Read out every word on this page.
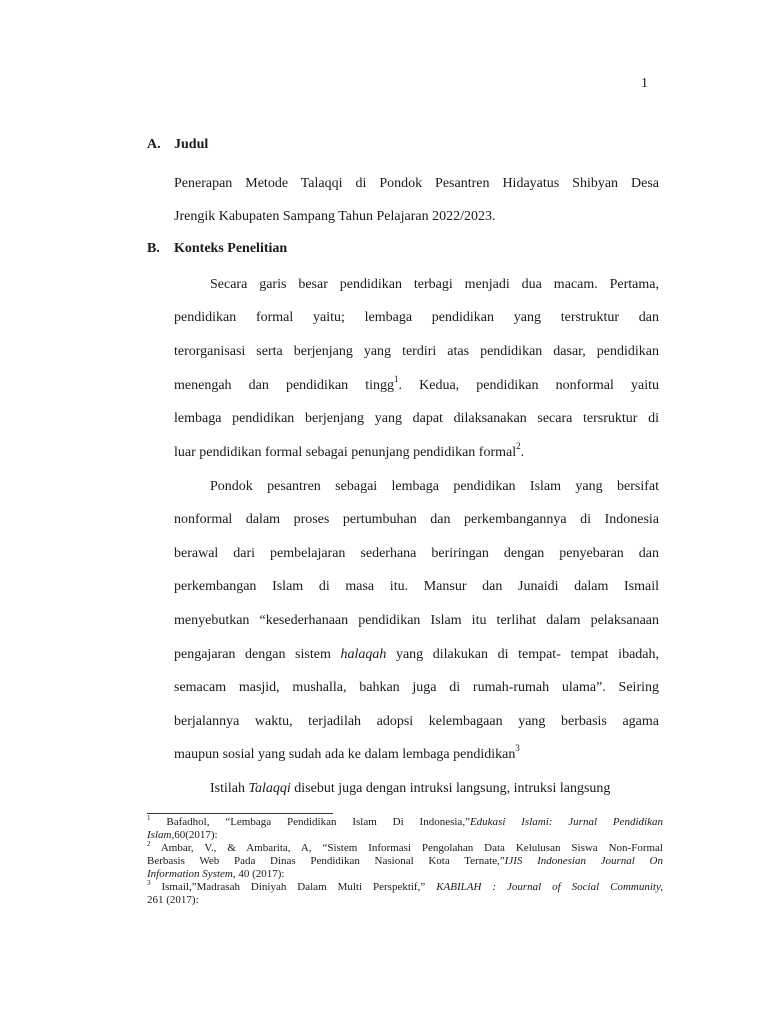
1
A. Judul
Penerapan Metode Talaqqi di Pondok Pesantren Hidayatus Shibyan Desa
Jrengik Kabupaten Sampang Tahun Pelajaran 2022/2023.
B. Konteks Penelitian
Secara garis besar pendidikan terbagi menjadi dua macam. Pertama,
pendidikan formal yaitu; lembaga pendidikan yang terstruktur dan
terorganisasi serta berjenjang yang terdiri atas pendidikan dasar, pendidikan
menengah dan pendidikan tingg$^1$. Kedua, pendidikan nonformal yaitu
lembaga pendidikan berjenjang yang dapat dilaksanakan secara tersruktur di
luar pendidikan formal sebagai penunjang pendidikan formal$^2$.
Pondok pesantren sebagai lembaga pendidikan Islam yang bersifat
nonformal dalam proses pertumbuhan dan perkembangannya di Indonesia
berawal dari pembelajaran sederhana beriringan dengan penyebaran dan
perkembangan Islam di masa itu. Mansur dan Junaidi dalam Ismail
menyebutkan “kesederhanaan pendidikan Islam itu terlihat dalam pelaksanaan
pengajaran dengan sistem halaqah yang dilakukan di tempat- tempat ibadah,
semacam masjid, mushalla, bahkan juga di rumah-rumah ulama”. Seiring
berjalannya waktu, terjadilah adopsi kelembagaan yang berbasis agama
maupun sosial yang sudah ada ke dalam lembaga pendidikan$^3$
Istilah Talaqqi disebut juga dengan intruksi langsung, intruksi langsung
$^1$ Bafadhol, “Lembaga Pendidikan Islam Di Indonesia,”Edukasi Islami: Jurnal Pendidikan
Islam,60(2017):
$^2$ Ambar, V., & Ambarita, A, “Sistem Informasi Pengolahan Data Kelulusan Siswa Non-Formal
Berbasis Web Pada Dinas Pendidikan Nasional Kota Ternate,”IJIS Indonesian Journal On
Information System, 40 (2017):
$^3$ Ismail,”Madrasah Diniyah Dalam Multi Perspektif,” KABILAH : Journal of Social Community,
261 (2017):
